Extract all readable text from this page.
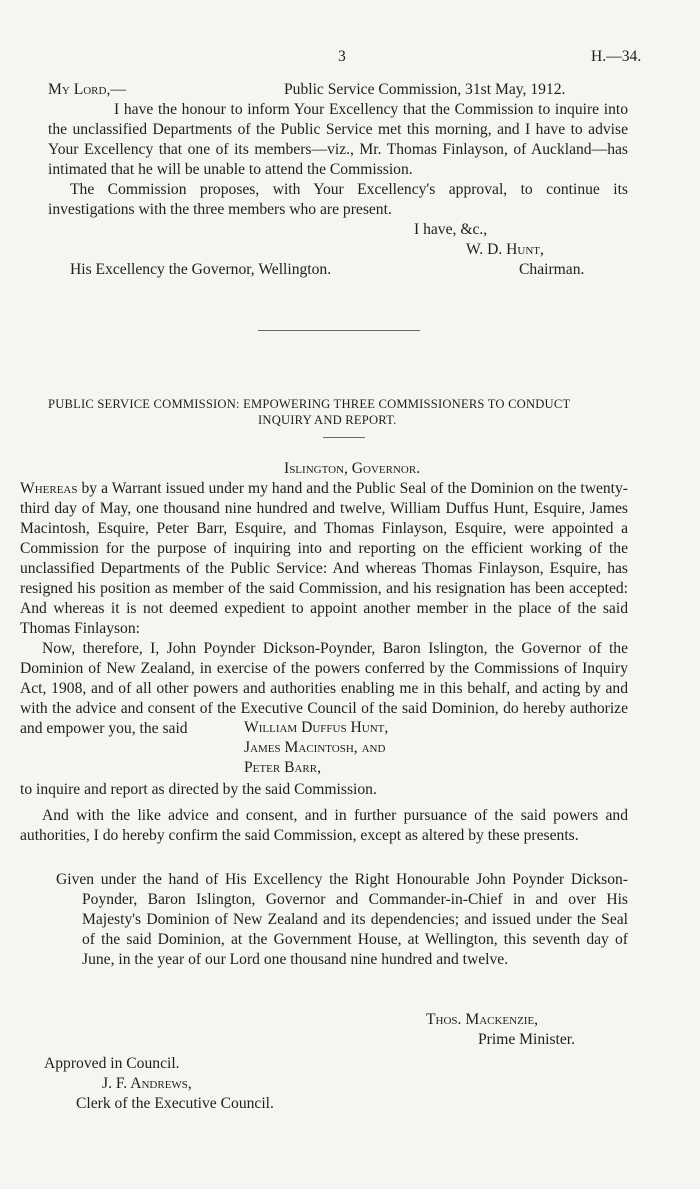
3	H.—34.
My Lord,—	Public Service Commission, 31st May, 1912.

I have the honour to inform Your Excellency that the Commission to inquire into the unclassified Departments of the Public Service met this morning, and I have to advise Your Excellency that one of its members—viz., Mr. Thomas Finlayson, of Auckland—has intimated that he will be unable to attend the Commission.

The Commission proposes, with Your Excellency's approval, to continue its investigations with the three members who are present.

I have, &c.,
W. D. Hunt,
His Excellency the Governor, Wellington.	Chairman.
PUBLIC SERVICE COMMISSION: EMPOWERING THREE COMMISSIONERS TO CONDUCT
INQUIRY AND REPORT.
Islington, Governor.

Whereas by a Warrant issued under my hand and the Public Seal of the Dominion on the twenty-third day of May, one thousand nine hundred and twelve, William Duffus Hunt, Esquire, James Macintosh, Esquire, Peter Barr, Esquire, and Thomas Finlayson, Esquire, were appointed a Commission for the purpose of inquiring into and reporting on the efficient working of the unclassified Departments of the Public Service: And whereas Thomas Finlayson, Esquire, has resigned his position as member of the said Commission, and his resignation has been accepted: And whereas it is not deemed expedient to appoint another member in the place of the said Thomas Finlayson:

Now, therefore, I, John Poynder Dickson-Poynder, Baron Islington, the Governor of the Dominion of New Zealand, in exercise of the powers conferred by the Commissions of Inquiry Act, 1908, and of all other powers and authorities enabling me in this behalf, and acting by and with the advice and consent of the Executive Council of the said Dominion, do hereby authorize and empower you, the said	William Duffus Hunt,
James Macintosh, and
Peter Barr,
to inquire and report as directed by the said Commission.

And with the like advice and consent, and in further pursuance of the said powers and authorities, I do hereby confirm the said Commission, except as altered by these presents.

Given under the hand of His Excellency the Right Honourable John Poynder Dickson-Poynder, Baron Islington, Governor and Commander-in-Chief in and over His Majesty's Dominion of New Zealand and its dependencies; and issued under the Seal of the said Dominion, at the Government House, at Wellington, this seventh day of June, in the year of our Lord one thousand nine hundred and twelve.

Thos. Mackenzie,
Prime Minister.
Approved in Council.
J. F. Andrews,
Clerk of the Executive Council.
